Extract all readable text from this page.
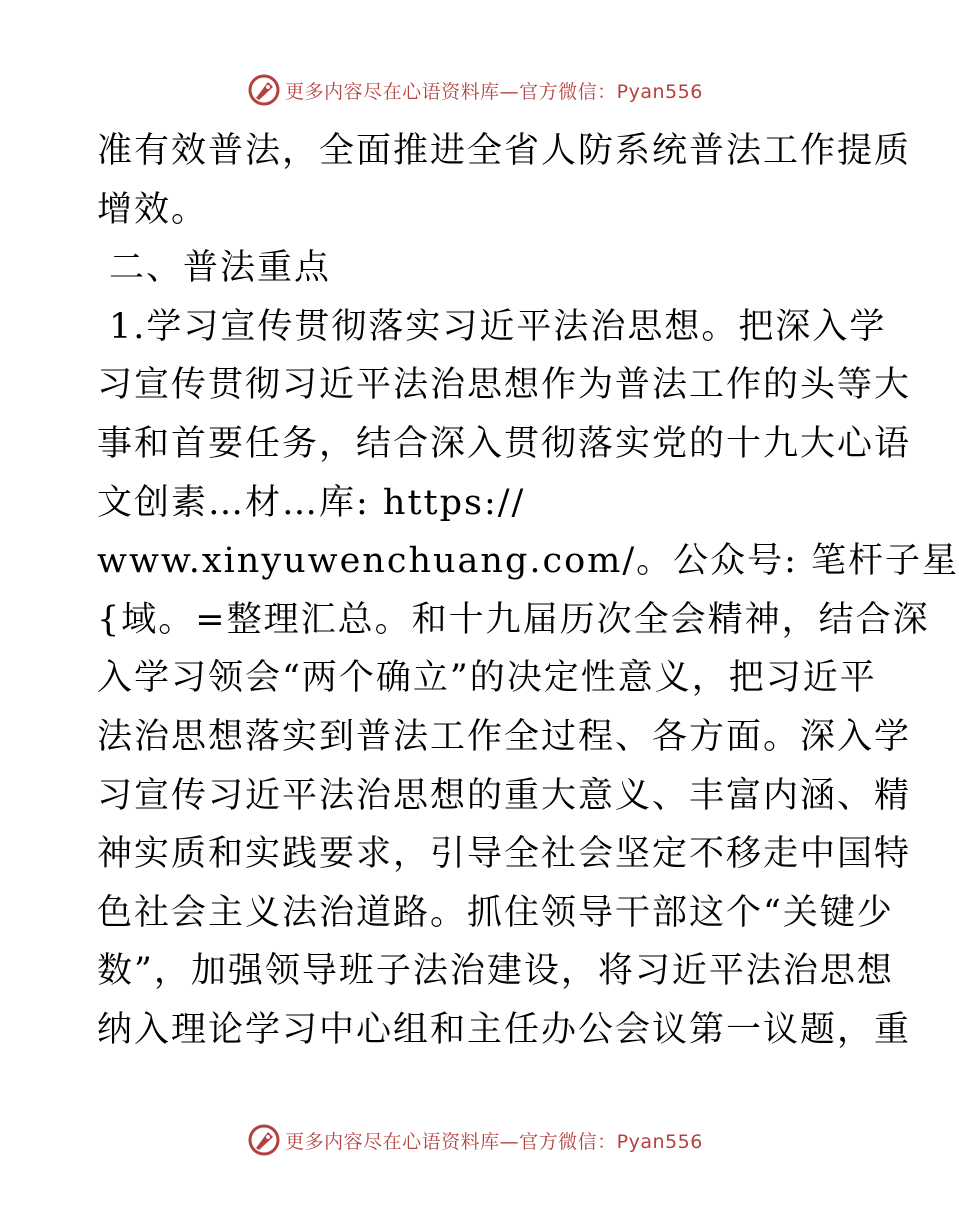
更多内容尽在心语资料库—官方微信：Pyan556
准有效普法，全面推进全省人防系统普法工作提质
增效。
二、普法重点
1.学习宣传贯彻落实习近平法治思想。把深入学
习宣传贯彻习近平法治思想作为普法工作的头等大
事和首要任务，结合深入贯彻落实党的十九大心语
文创素…材…库: https://
www.xinyuwenchuang.com/。公众号: 笔杆子星
{域。=整理汇总。和十九届历次全会精神，结合深
入学习领会“两个确立”的决定性意义，把习近平
法治思想落实到普法工作全过程、各方面。深入学
习宣传习近平法治思想的重大意义、丰富内涵、精
神实质和实践要求，引导全社会坚定不移走中国特
色社会主义法治道路。抓住领导干部这个“关键少
数”，加强领导班子法治建设，将习近平法治思想
纳入理论学习中心组和主任办公会议第一议题，重
更多内容尽在心语资料库—官方微信：Pyan556
